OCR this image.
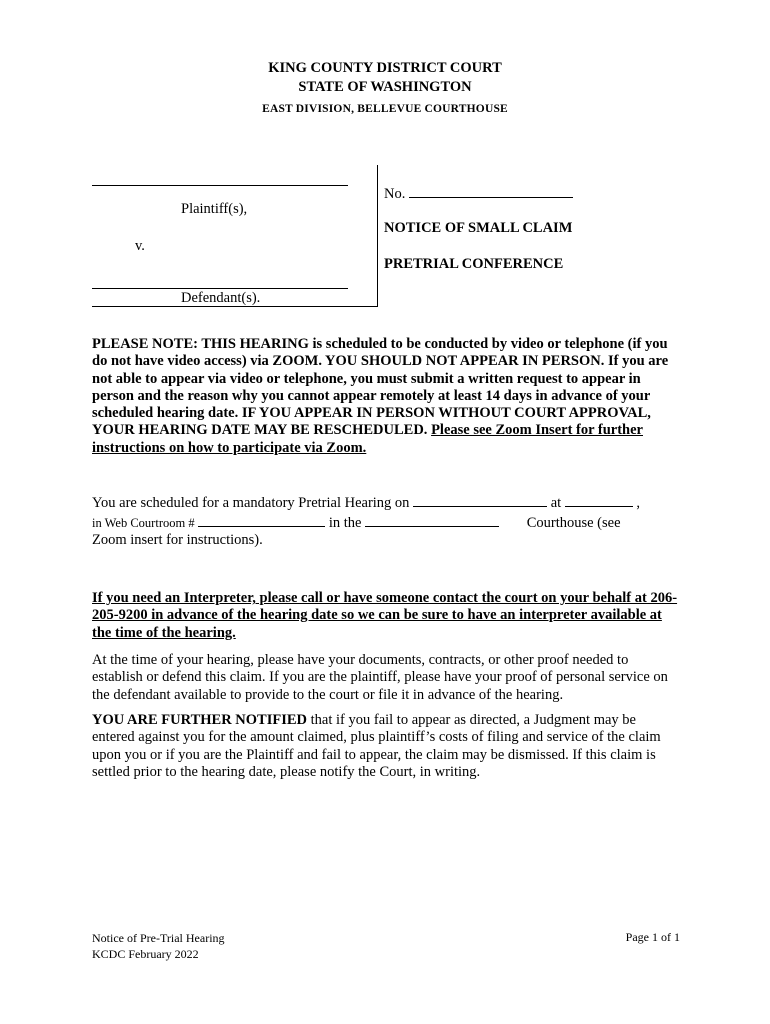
KING COUNTY DISTRICT COURT
STATE OF WASHINGTON
EAST DIVISION, BELLEVUE COURTHOUSE
Plaintiff(s),
v.
Defendant(s).
No.
NOTICE OF SMALL CLAIM
PRETRIAL CONFERENCE
PLEASE NOTE: THIS HEARING is scheduled to be conducted by video or telephone (if you do not have video access) via ZOOM. YOU SHOULD NOT APPEAR IN PERSON. If you are not able to appear via video or telephone, you must submit a written request to appear in person and the reason why you cannot appear remotely at least 14 days in advance of your scheduled hearing date. IF YOU APPEAR IN PERSON WITHOUT COURT APPROVAL, YOUR HEARING DATE MAY BE RESCHEDULED. Please see Zoom Insert for further instructions on how to participate via Zoom.
You are scheduled for a mandatory Pretrial Hearing on	at	,
in Web Courtroom #	in the	Courthouse (see
Zoom insert for instructions).
If you need an Interpreter, please call or have someone contact the court on your behalf at 206-205-9200 in advance of the hearing date so we can be sure to have an interpreter available at the time of the hearing.
At the time of your hearing, please have your documents, contracts, or other proof needed to establish or defend this claim. If you are the plaintiff, please have your proof of personal service on the defendant available to provide to the court or file it in advance of the hearing.
YOU ARE FURTHER NOTIFIED that if you fail to appear as directed, a Judgment may be entered against you for the amount claimed, plus plaintiff’s costs of filing and service of the claim upon you or if you are the Plaintiff and fail to appear, the claim may be dismissed. If this claim is settled prior to the hearing date, please notify the Court, in writing.
Notice of Pre-Trial Hearing
KCDC February 2022
Page 1 of 1
